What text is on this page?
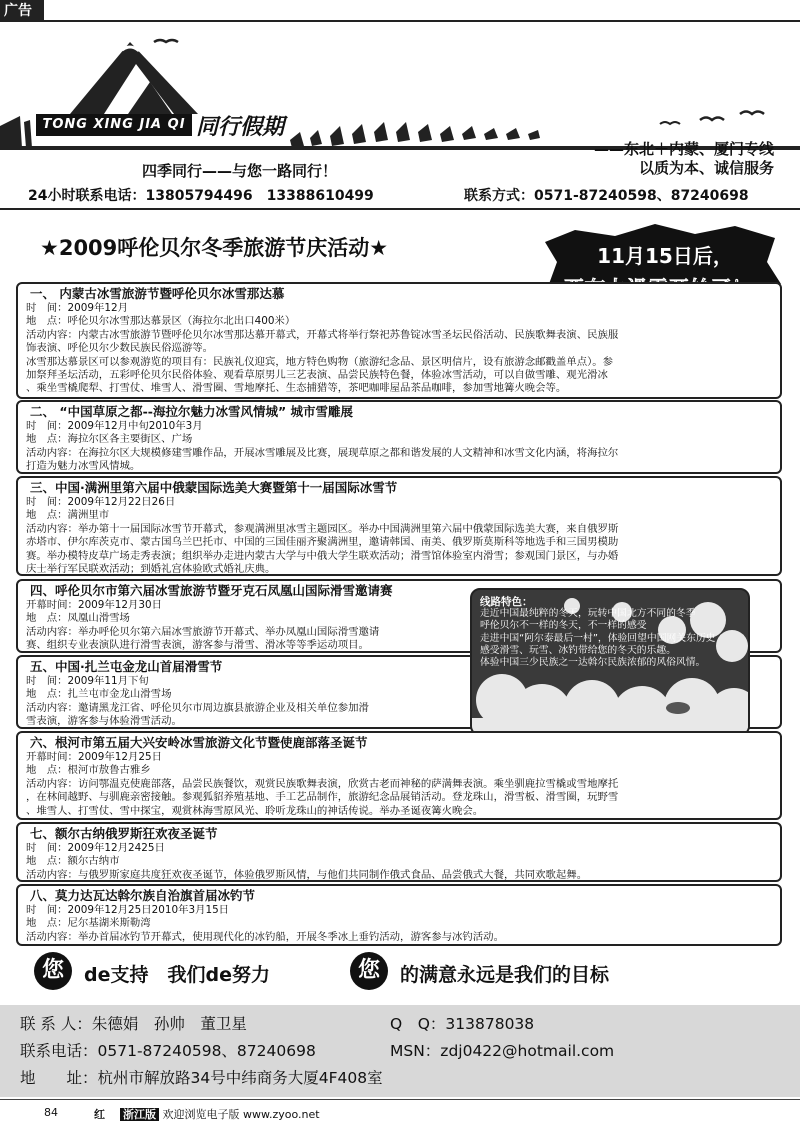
广告
TONG XING JIA QI 同行假期
——东北＋内蒙、厦门专线
以质为本、诚信服务
四季同行——与您一路同行！
24小时联系电话：13805794496　13388610499	联系方式：0571-87240598、87240698
★2009呼伦贝尔冬季旅游节庆活动★	11月15日后，
一、 内蒙古冰雪旅游节暨呼伦贝尔冰雪那达慕
时　间：2009年12月
地　点：呼伦贝尔冰雪那达慕景区（海拉尔北出口400米）
活动内容：内蒙古冰雪旅游节暨呼伦贝尔冰雪那达慕开幕式，开幕式将举行祭祀苏鲁锭冰雪圣坛民俗活动、民族歌舞表演、民族服
饰表演、呼伦贝尔少数民族民俗巡游等。
冰雪那达慕景区可以参观游览的项目有：民族礼仪迎宾，地方特色购物（旅游纪念品、景区明信片，设有旅游念邮戳盖单点）。参
加祭拜圣坛活动，五彩呼伦贝尔民俗体验、观看草原男儿三艺表演、品尝民族特色餐，体验冰雪活动，可以自做雪雕、观光滑冰
、乘坐雪橇爬犁、打雪仗、堆雪人、滑雪圈、雪地摩托、生态捕猎等，茶吧咖啡屋品茶品咖啡，参加雪地篝火晚会等。
二、 “中国草原之都--海拉尔魅力冰雪风情城” 城市雪雕展
时　间：2009年12月中旬2010年3月
地　点：海拉尔区各主要街区、广场
活动内容：在海拉尔区大规模修建雪雕作品，开展冰雪雕展及比赛，展现草原之都和谐发展的人文精神和冰雪文化内涵，将海拉尔
打造为魅力冰雪风情城。
三、中国·满洲里第六届中俄蒙国际选美大赛暨第十一届国际冰雪节
时　间：2009年12月22日26日
地　点：满洲里市
活动内容：举办第十一届国际冰雪节开幕式，参观满洲里冰雪主题园区。举办中国满洲里第六届中俄蒙国际选美大赛，来自俄罗斯
赤塔市、伊尔库茨克市、蒙古国乌兰巴托市、中国的三国佳丽齐聚满洲里，邀请韩国、南美、俄罗斯莫斯科等地选手和三国男模助
赛。举办模特皮草广场走秀表演；组织举办走进内蒙古大学与中俄大学生联欢活动；滑雪馆体验室内滑雪；参观国门景区，与办婚
庆士举行军民联欢活动；到婚礼宫体验欧式婚礼庆典。
四、呼伦贝尔市第六届冰雪旅游节暨牙克石凤凰山国际滑雪邀请赛
开幕时间：2009年12月30日
地　点：凤凰山滑雪场
活动内容：举办呼伦贝尔第六届冰雪旅游节开幕式、举办凤凰山国际滑雪邀请
赛、组织专业表演队进行滑雪表演，游客参与滑雪、滑冰等等季运动项目。
五、中国·扎兰屯金龙山首届滑雪节
时　间：2009年11月下旬
地　点：扎兰屯市金龙山滑雪场
活动内容：邀请黑龙江省、呼伦贝尔市周边旗县旅游企业及相关单位参加滑
雪表演，游客参与体验滑雪活动。
线路特色：
走近中国最纯粹的冬天，玩转中国北方不同的冬季
呼伦贝尔不一样的冬天，不一样的感受
走进中国“阿尔泰最后一村”，体验回望中国网关东历史
感受滑雪、玩雪、冰钓带给您的冬天的乐趣。
体验中国三少民族之一达斡尔民族浓郁的风俗风情。
六、根河市第五届大兴安岭冰雪旅游文化节暨使鹿部落圣诞节
开幕时间：2009年12月25日
地　点：根河市敖鲁古雅乡
活动内容：访问鄂温克使鹿部落，品尝民族餐饮，观赏民族歌舞表演，欣赏古老而神秘的萨满舞表演。乘坐驯鹿拉雪橇或雪地摩托
，在林间越野、与驯鹿亲密接触。参观狐貂养殖基地、手工艺品制作，旅游纪念品展销活动。登龙珠山，滑雪板、滑雪圈，玩野雪
、堆雪人、打雪仗、雪中探宝，观赏林海雪原风光、聆听龙珠山的神话传说。举办圣诞夜篝火晚会。
七、额尔古纳俄罗斯狂欢夜圣诞节
时　间：2009年12月2425日
地　点：额尔古纳市
活动内容：与俄罗斯家庭共度狂欢夜圣诞节，体验俄罗斯风情，与他们共同制作俄式食品、品尝俄式大餐，共同欢歌起舞。
八、莫力达瓦达斡尔族自治旗首届冰钓节
时　间：2009年12月25日2010年3月15日
地　点：尼尔基湖米斯勒湾
活动内容：举办首届冰钓节开幕式，使用现代化的冰钓船，开展冬季冰上垂钓活动，游客参与冰钓活动。
您	de支持　我们de努力	您	的满意永远是我们的目标
联 系 人：朱德娟　孙帅　董卫星	Q　Q：313878038
联系电话：0571-87240598、87240698	MSN：zdj0422@hotmail.com
地　　址：杭州市解放路34号中纬商务大厦4F408室
84	红 浙江版 欢迎浏览电子版 www.zyoo.net
